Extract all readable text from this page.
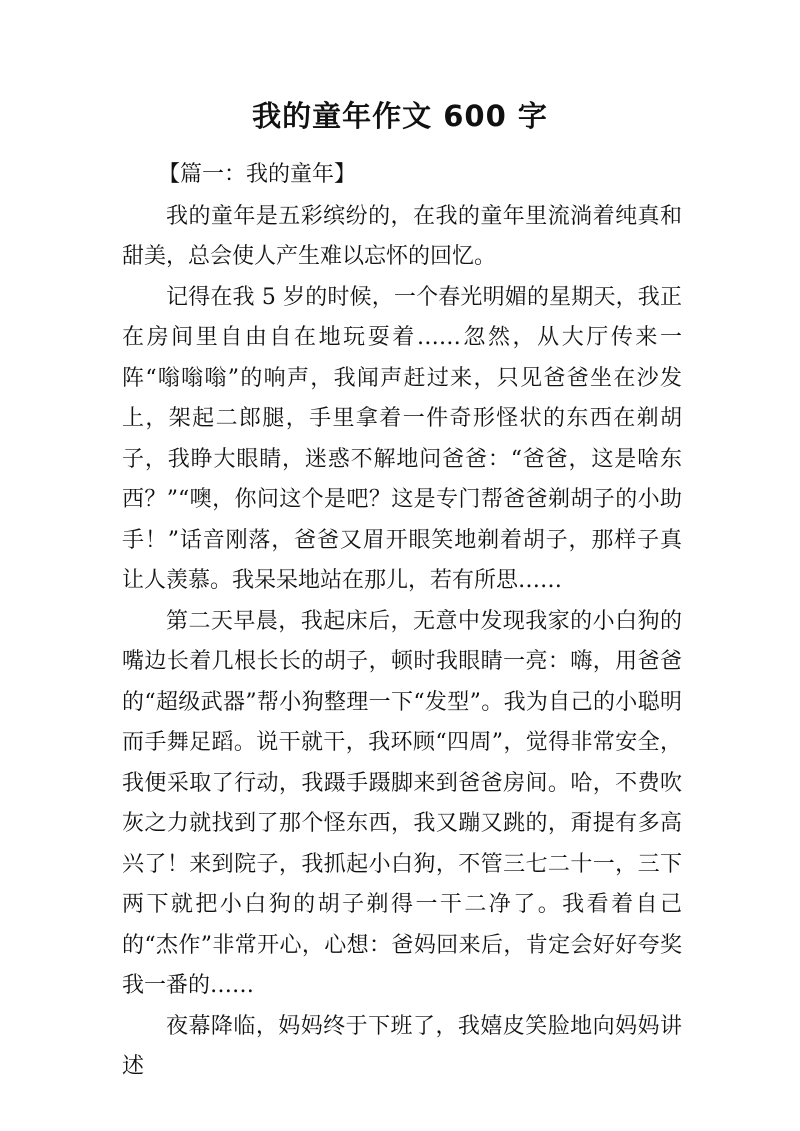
我的童年作文 600 字

【篇一：我的童年】

我的童年是五彩缤纷的，在我的童年里流淌着纯真和甜美，总会使人产生难以忘怀的回忆。

记得在我 5 岁的时候，一个春光明媚的星期天，我正在房间里自由自在地玩耍着……忽然，从大厅传来一阵“嗡嗡嗡”的响声，我闻声赶过来，只见爸爸坐在沙发上，架起二郎腿，手里拿着一件奇形怪状的东西在剃胡子，我睁大眼睛，迷惑不解地问爸爸：“爸爸，这是啥东西？”“噢，你问这个是吧？这是专门帮爸爸剃胡子的小助手！”话音刚落，爸爸又眉开眼笑地剃着胡子，那样子真让人羡慕。我呆呆地站在那儿，若有所思……

第二天早晨，我起床后，无意中发现我家的小白狗的嘴边长着几根长长的胡子，顿时我眼睛一亮：嗨，用爸爸的“超级武器”帮小狗整理一下“发型”。我为自己的小聪明而手舞足蹈。说干就干，我环顾“四周”，觉得非常安全，我便采取了行动，我蹑手蹑脚来到爸爸房间。哈，不费吹灰之力就找到了那个怪东西，我又蹦又跳的，甭提有多高兴了！来到院子，我抓起小白狗，不管三七二十一，三下两下就把小白狗的胡子剃得一干二净了。我看着自己的“杰作”非常开心，心想：爸妈回来后，肯定会好好夸奖我一番的……

夜幕降临，妈妈终于下班了，我嬉皮笑脸地向妈妈讲述
